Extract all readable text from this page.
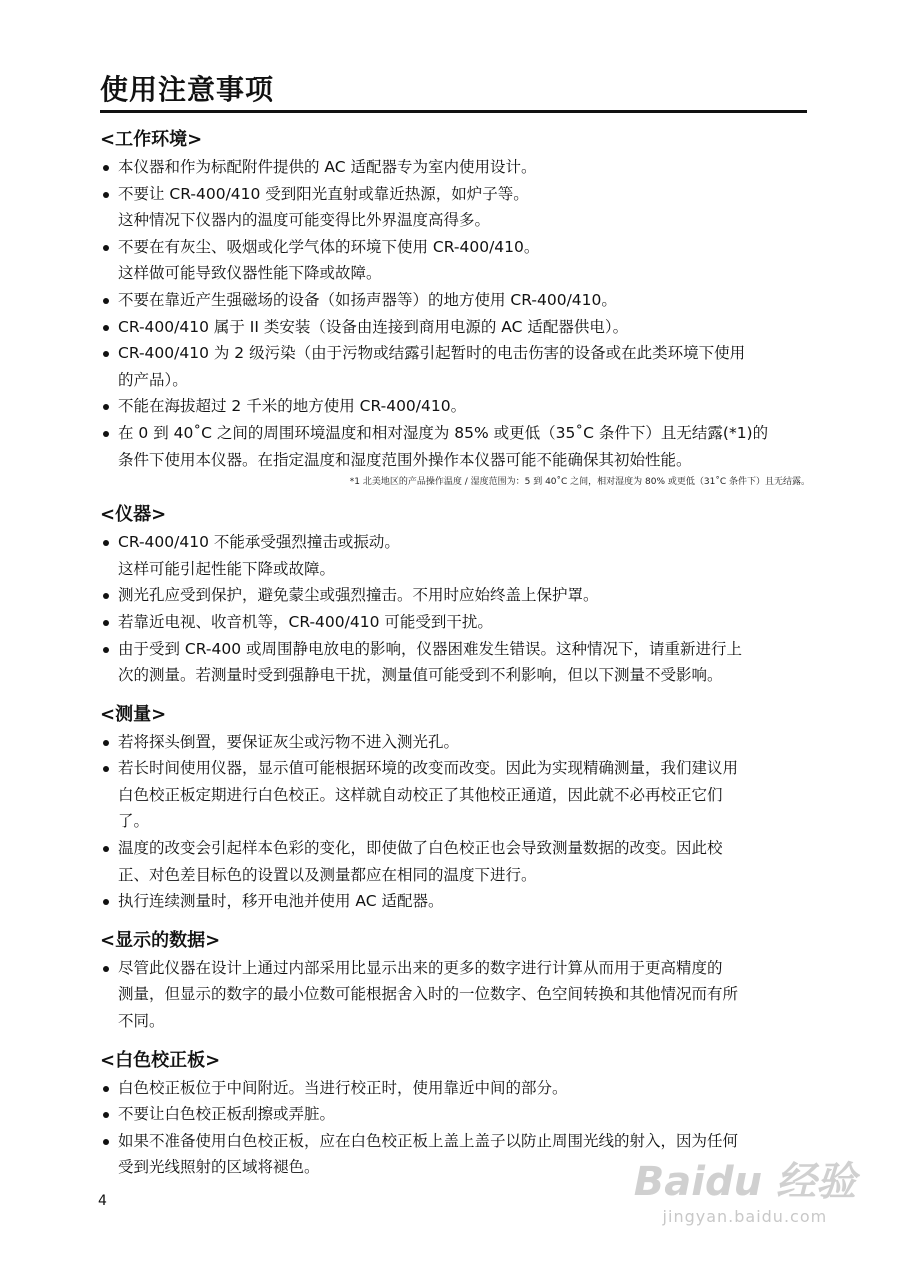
使用注意事项
<工作环境>
本仪器和作为标配附件提供的 AC 适配器专为室内使用设计。
不要让 CR-400/410 受到阳光直射或靠近热源，如炉子等。
这种情况下仪器内的温度可能变得比外界温度高得多。
不要在有灰尘、吸烟或化学气体的环境下使用 CR-400/410。
这样做可能导致仪器性能下降或故障。
不要在靠近产生强磁场的设备（如扬声器等）的地方使用 CR-400/410。
CR-400/410 属于 II 类安装（设备由连接到商用电源的 AC 适配器供电）。
CR-400/410 为 2 级污染（由于污物或结露引起暂时的电击伤害的设备或在此类环境下使用
的产品）。
不能在海拔超过 2 千米的地方使用 CR-400/410。
在 0 到 40˚C 之间的周围环境温度和相对湿度为 85% 或更低（35˚C 条件下）且无结露(*1)的
条件下使用本仪器。在指定温度和湿度范围外操作本仪器可能不能确保其初始性能。
*1 北美地区的产品操作温度 / 湿度范围为：5 到 40˚C 之间，相对湿度为 80% 或更低（31˚C 条件下）且无结露。
<仪器>
CR-400/410 不能承受强烈撞击或振动。
这样可能引起性能下降或故障。
测光孔应受到保护，避免蒙尘或强烈撞击。不用时应始终盖上保护罩。
若靠近电视、收音机等，CR-400/410 可能受到干扰。
由于受到 CR-400 或周围静电放电的影响，仪器困难发生错误。这种情况下，请重新进行上
次的测量。若测量时受到强静电干扰，测量值可能受到不利影响，但以下测量不受影响。
<测量>
若将探头倒置，要保证灰尘或污物不进入测光孔。
若长时间使用仪器，显示值可能根据环境的改变而改变。因此为实现精确测量，我们建议用
白色校正板定期进行白色校正。这样就自动校正了其他校正通道，因此就不必再校正它们
了。
温度的改变会引起样本色彩的变化，即使做了白色校正也会导致测量数据的改变。因此校
正、对色差目标色的设置以及测量都应在相同的温度下进行。
执行连续测量时，移开电池并使用 AC 适配器。
<显示的数据>
尽管此仪器在设计上通过内部采用比显示出来的更多的数字进行计算从而用于更高精度的
测量，但显示的数字的最小位数可能根据舍入时的一位数字、色空间转换和其他情况而有所
不同。
<白色校正板>
白色校正板位于中间附近。当进行校正时，使用靠近中间的部分。
不要让白色校正板刮擦或弄脏。
如果不准备使用白色校正板，应在白色校正板上盖上盖子以防止周围光线的射入，因为任何
受到光线照射的区域将褪色。
4	Baidu 经验
jingyan.baidu.com
